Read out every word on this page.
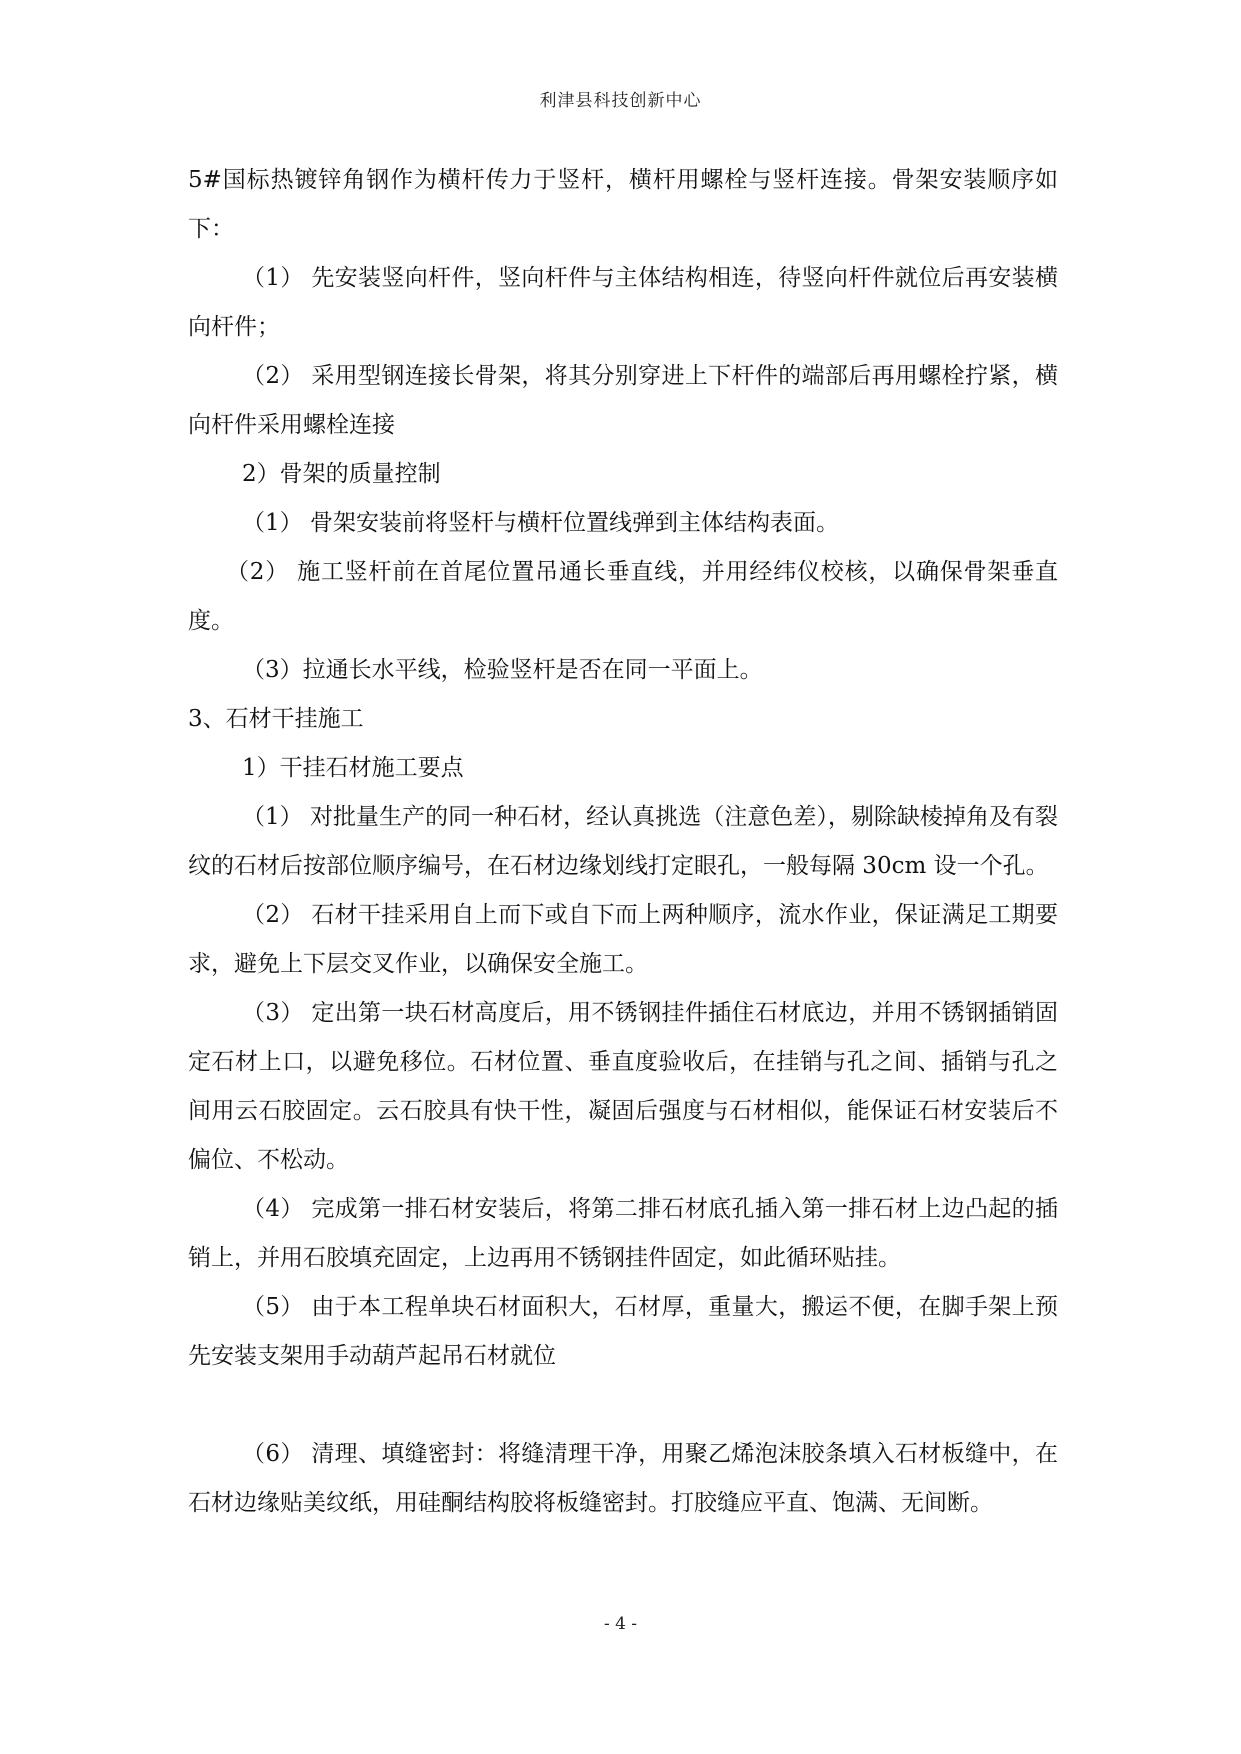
利津县科技创新中心

5#国标热镀锌角钢作为横杆传力于竖杆，横杆用螺栓与竖杆连接。骨架安装顺序如下：

（1） 先安装竖向杆件，竖向杆件与主体结构相连，待竖向杆件就位后再安装横向杆件；

（2） 采用型钢连接长骨架，将其分别穿进上下杆件的端部后再用螺栓拧紧，横向杆件采用螺栓连接

2）骨架的质量控制

（1） 骨架安装前将竖杆与横杆位置线弹到主体结构表面。

（2） 施工竖杆前在首尾位置吊通长垂直线，并用经纬仪校核，以确保骨架垂直度。

（3）拉通长水平线，检验竖杆是否在同一平面上。

3、石材干挂施工

1）干挂石材施工要点

（1） 对批量生产的同一种石材，经认真挑选（注意色差），剔除缺棱掉角及有裂纹的石材后按部位顺序编号，在石材边缘划线打定眼孔，一般每隔 30cm 设一个孔。

（2） 石材干挂采用自上而下或自下而上两种顺序，流水作业，保证满足工期要求，避免上下层交叉作业，以确保安全施工。

（3） 定出第一块石材高度后，用不锈钢挂件插住石材底边，并用不锈钢插销固定石材上口，以避免移位。石材位置、垂直度验收后，在挂销与孔之间、插销与孔之间用云石胶固定。云石胶具有快干性，凝固后强度与石材相似，能保证石材安装后不偏位、不松动。

（4） 完成第一排石材安装后，将第二排石材底孔插入第一排石材上边凸起的插销上，并用石胶填充固定，上边再用不锈钢挂件固定，如此循环贴挂。

（5） 由于本工程单块石材面积大，石材厚，重量大，搬运不便，在脚手架上预先安装支架用手动葫芦起吊石材就位

（6） 清理、填缝密封：将缝清理干净，用聚乙烯泡沫胶条填入石材板缝中，在石材边缘贴美纹纸，用硅酮结构胶将板缝密封。打胶缝应平直、饱满、无间断。

- 4 -
